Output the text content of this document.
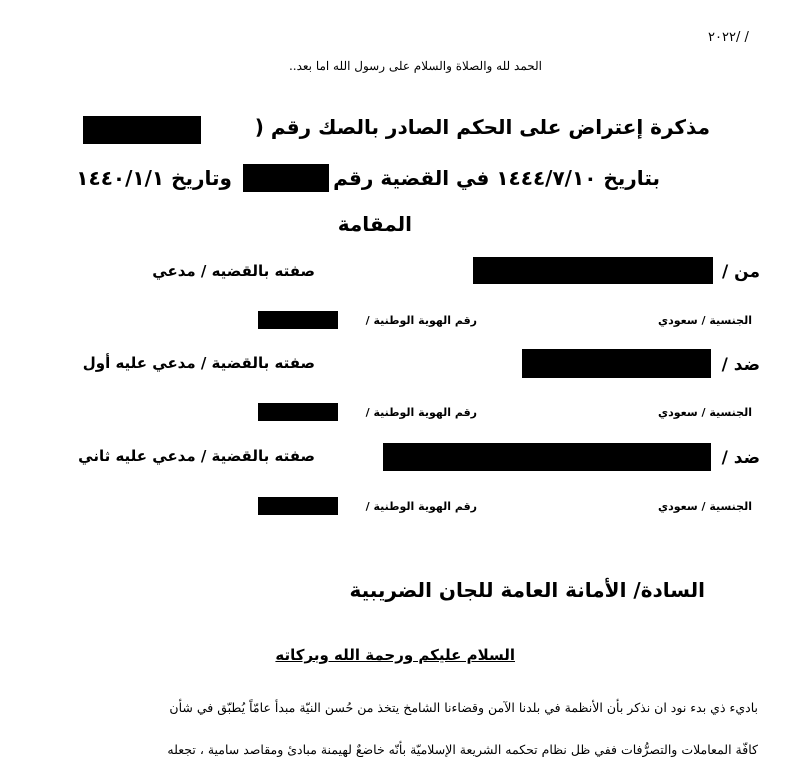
٢٠٢٢/ /
الحمد لله والصلاة والسلام على رسول الله اما بعد..
مذكرة إعتراض على الحكم الصادر بالصك رقم (
بتاريخ ١٤٤٤/٧/١٠ في القضية رقم
وتاريخ ١٤٤٠/١/١
المقامة
من /
صفته بالقضيه / مدعي
الجنسية / سعودي
رقم الهوية الوطنية /
ضد /
صفته بالقضية / مدعي عليه أول
الجنسية / سعودي
رقم الهوية الوطنية /
ضد /
صفته بالقضية / مدعي عليه ثاني
الجنسية / سعودي
رقم الهوية الوطنية /
السادة/ الأمانة العامة للجان الضريبية
السلام عليكم ورحمة الله وبركاته
باديء ذي بدء نود ان نذكر بأن الأنظمة في بلدنا الآمن وقضاءنا الشامخ يتخذ من حُسن النيّة مبدأ عامّاً يُطبّق في شأن
كافّة المعاملات والتصرُّفات ففي ظل نظام تحكمه الشريعة الإسلاميّة بأنّه خاضعٌ لهيمنة مبادئ ومقاصد سامية ، تجعله
